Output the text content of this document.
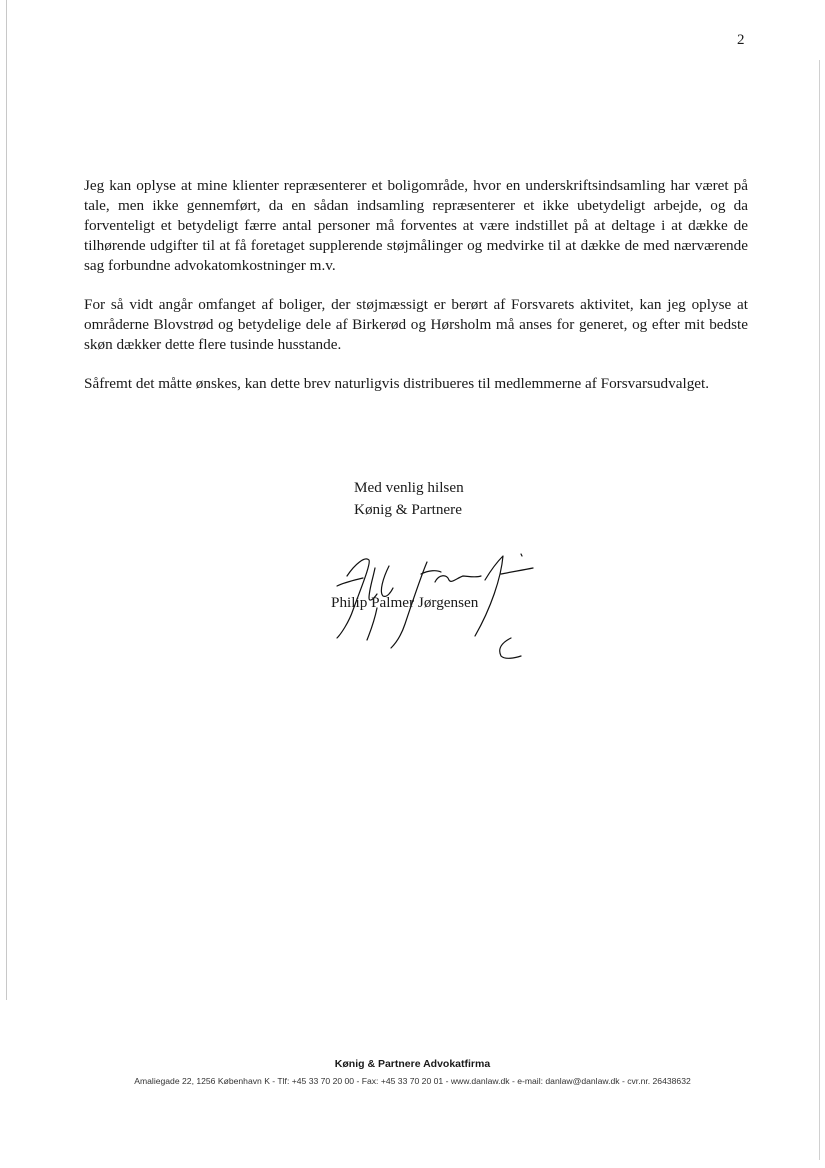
2

Jeg kan oplyse at mine klienter repræsenterer et boligområde, hvor en underskriftsindsamling har været på tale, men ikke gennemført, da en sådan indsamling repræsenterer et ikke ubetydeligt arbejde, og da forventeligt et betydeligt færre antal personer må forventes at være indstillet på at deltage i at dække de tilhørende udgifter til at få foretaget supplerende støjmålinger og medvirke til at dække de med nærværende sag forbundne advokatomkostninger m.v.

For så vidt angår omfanget af boliger, der støjmæssigt er berørt af Forsvarets aktivitet, kan jeg oplyse at områderne Blovstrød og betydelige dele af Birkerød og Hørsholm må anses for generet, og efter mit bedste skøn dækker dette flere tusinde husstande.

Såfremt det måtte ønskes, kan dette brev naturligvis distribueres til medlemmerne af Forsvarsudvalget.

Med venlig hilsen
Kønig & Partnere
Philip Palmer Jørgensen
Kønig & Partnere Advokatfirma
Amaliegade 22, 1256 København K - Tlf: +45 33 70 20 00 - Fax: +45 33 70 20 01 - www.danlaw.dk - e-mail: danlaw@danlaw.dk - cvr.nr. 26438632
